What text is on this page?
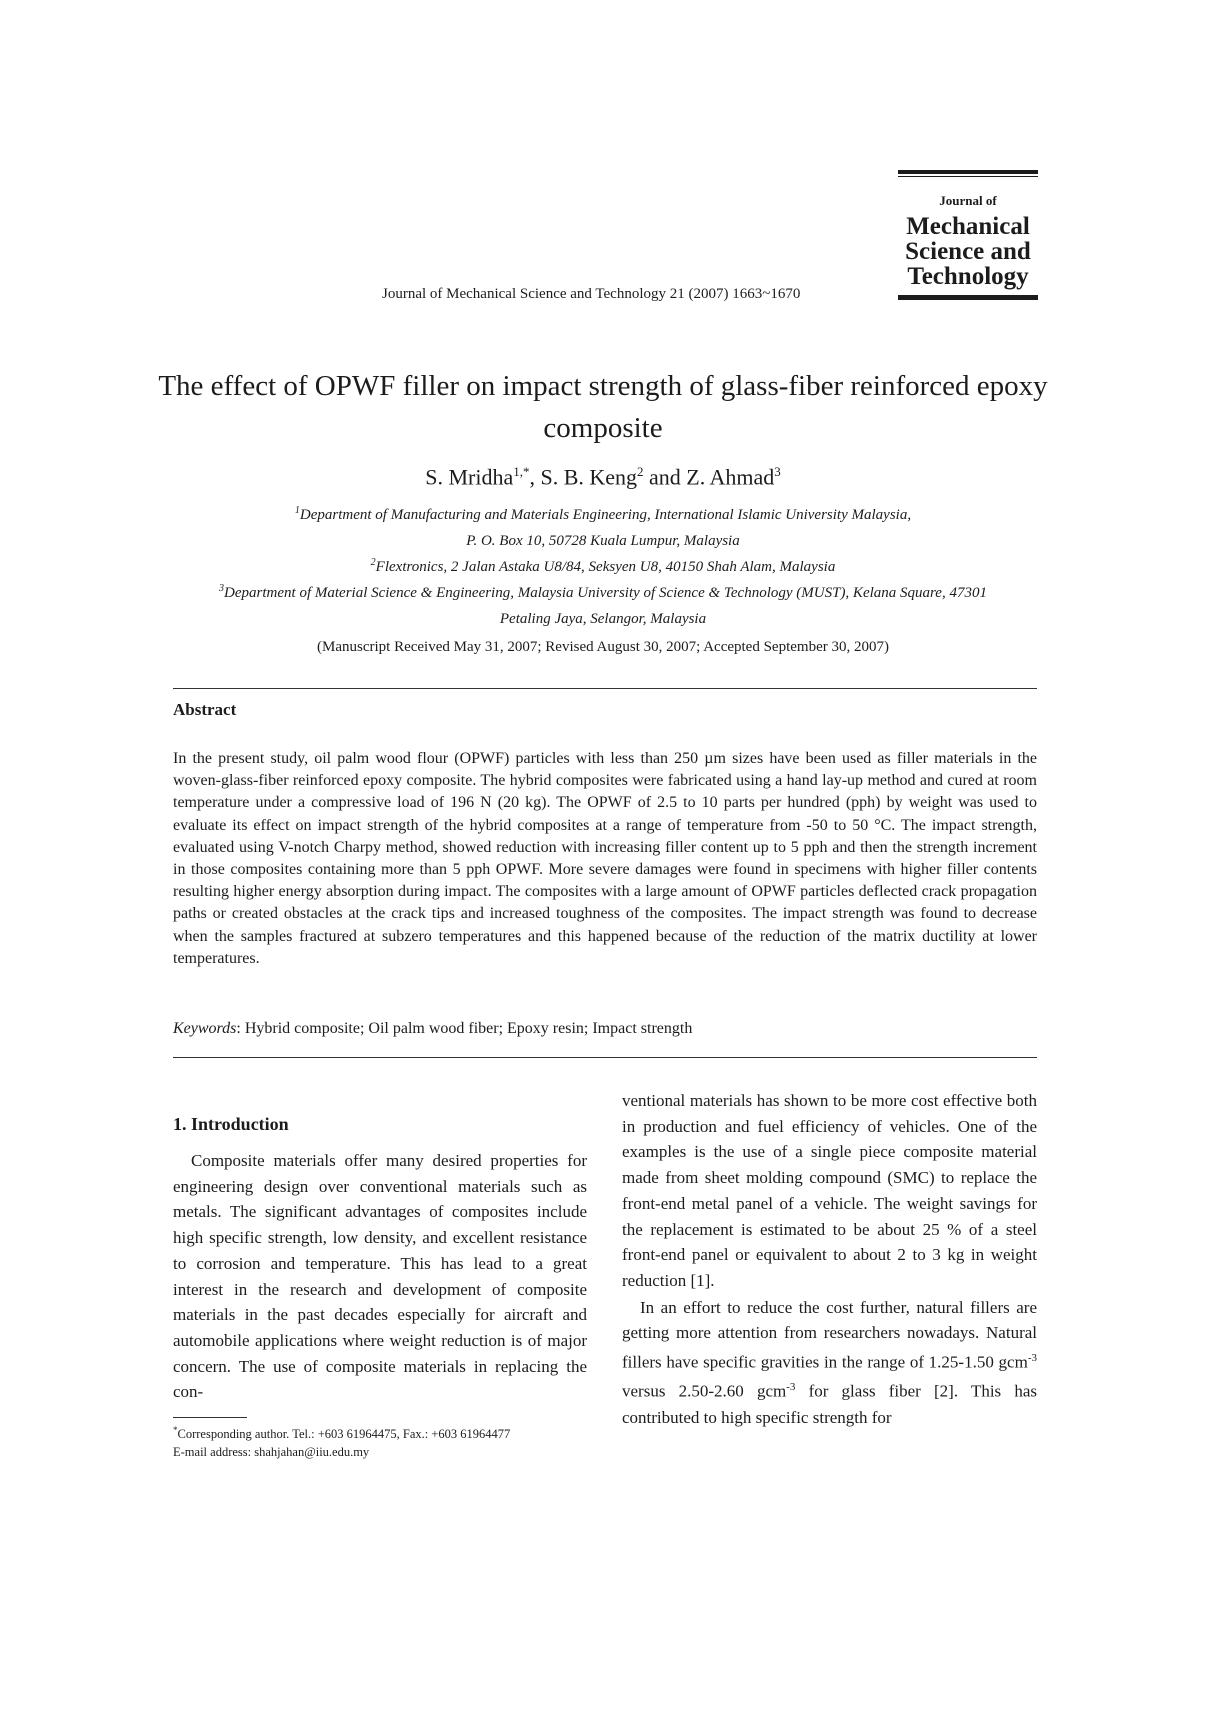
Journal of
Mechanical
Science and
Technology
Journal of Mechanical Science and Technology 21 (2007) 1663~1670
The effect of OPWF filler on impact strength of glass-fiber reinforced epoxy composite
S. Mridha$^{1,*}$, S. B. Keng$^2$ and Z. Ahmad$^3$
$^1$Department of Manufacturing and Materials Engineering, International Islamic University Malaysia,
P. O. Box 10, 50728 Kuala Lumpur, Malaysia
$^2$Flextronics, 2 Jalan Astaka U8/84, Seksyen U8, 40150 Shah Alam, Malaysia
$^3$Department of Material Science & Engineering, Malaysia University of Science & Technology (MUST), Kelana Square, 47301
Petaling Jaya, Selangor, Malaysia
(Manuscript Received May 31, 2007; Revised August 30, 2007; Accepted September 30, 2007)
Abstract
In the present study, oil palm wood flour (OPWF) particles with less than 250 µm sizes have been used as filler materials in the woven-glass-fiber reinforced epoxy composite. The hybrid composites were fabricated using a hand lay-up method and cured at room temperature under a compressive load of 196 N (20 kg). The OPWF of 2.5 to 10 parts per hundred (pph) by weight was used to evaluate its effect on impact strength of the hybrid composites at a range of temperature from -50 to 50 °C. The impact strength, evaluated using V-notch Charpy method, showed reduction with increasing filler content up to 5 pph and then the strength increment in those composites containing more than 5 pph OPWF. More severe damages were found in specimens with higher filler contents resulting higher energy absorption during impact. The composites with a large amount of OPWF particles deflected crack propagation paths or created obstacles at the crack tips and increased toughness of the composites. The impact strength was found to decrease when the samples fractured at subzero temperatures and this happened because of the reduction of the matrix ductility at lower temperatures.
Keywords: Hybrid composite; Oil palm wood fiber; Epoxy resin; Impact strength
1. Introduction
Composite materials offer many desired properties for engineering design over conventional materials such as metals. The significant advantages of composites include high specific strength, low density, and excellent resistance to corrosion and temperature. This has lead to a great interest in the research and development of composite materials in the past decades especially for aircraft and automobile applications where weight reduction is of major concern. The use of composite materials in replacing the con-
ventional materials has shown to be more cost effective both in production and fuel efficiency of vehicles. One of the examples is the use of a single piece composite material made from sheet molding compound (SMC) to replace the front-end metal panel of a vehicle. The weight savings for the replacement is estimated to be about 25 % of a steel front-end panel or equivalent to about 2 to 3 kg in weight reduction [1].
In an effort to reduce the cost further, natural fillers are getting more attention from researchers nowadays. Natural fillers have specific gravities in the range of 1.25-1.50 gcm$^{-3}$ versus 2.50-2.60 gcm$^{-3}$ for glass fiber [2]. This has contributed to high specific strength for
*Corresponding author. Tel.: +603 61964475, Fax.: +603 61964477
E-mail address: shahjahan@iiu.edu.my
